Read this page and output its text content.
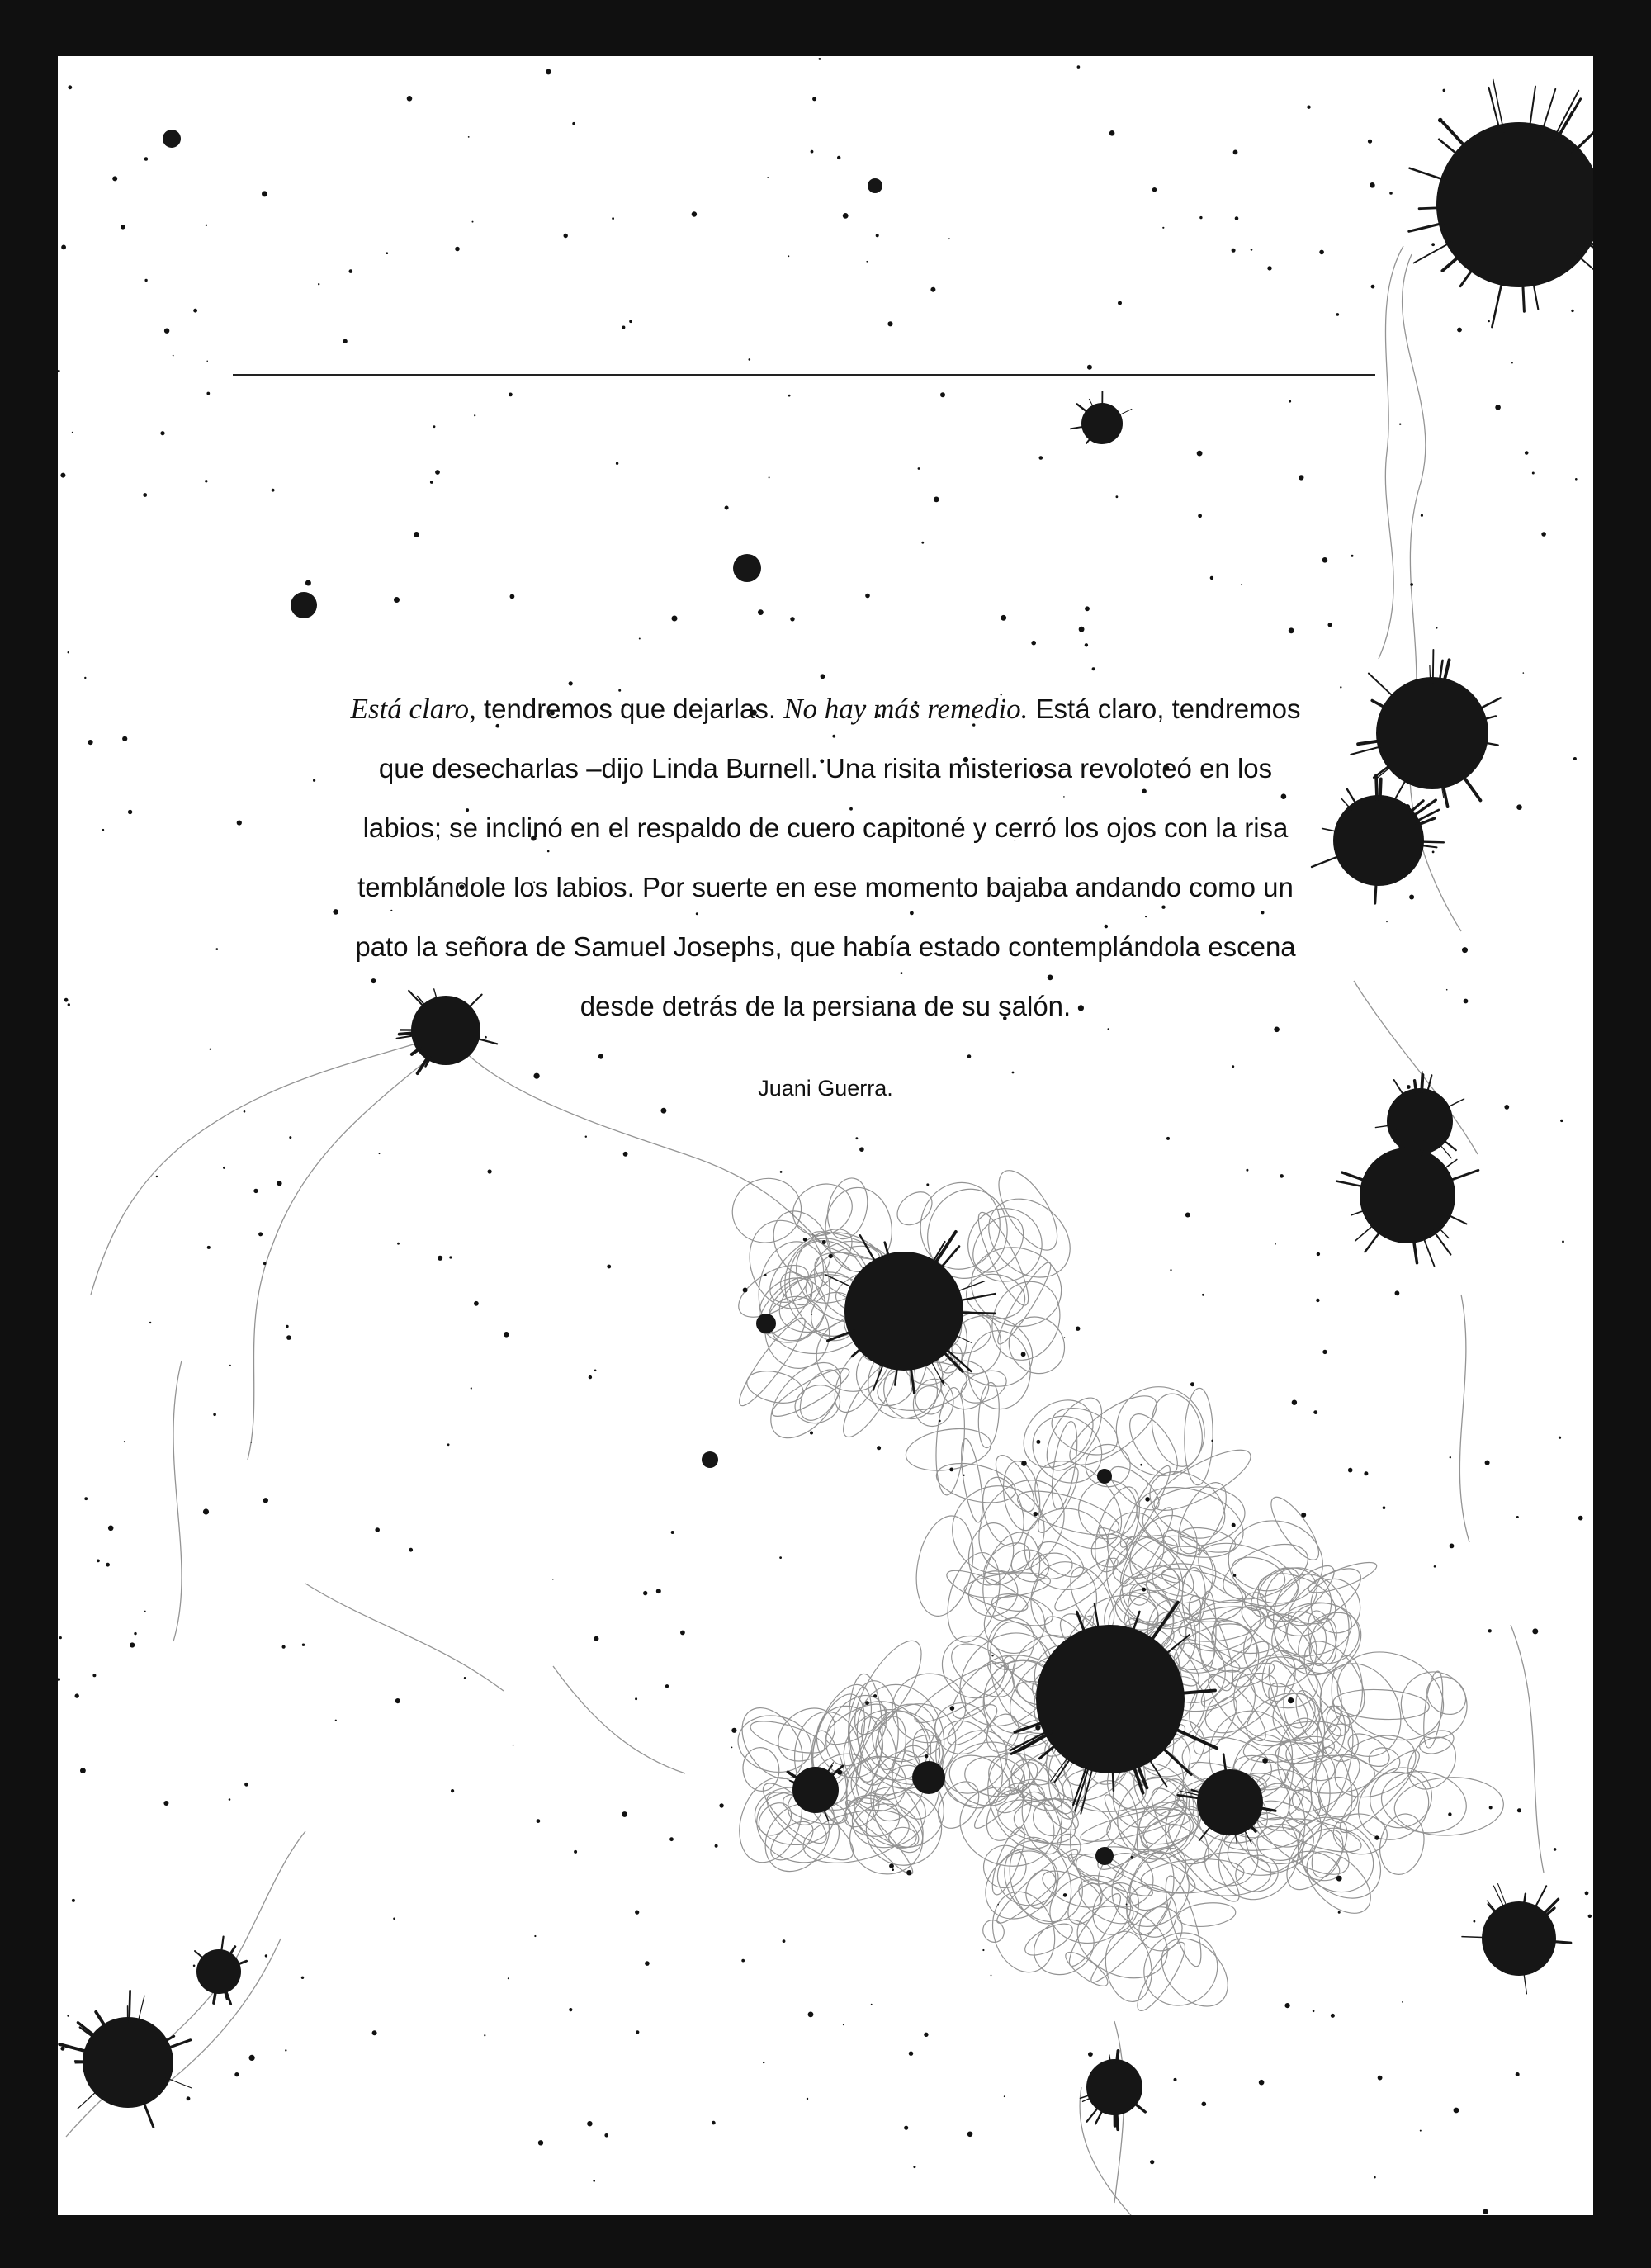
Está claro, tendremos que dejarlas. No hay más remedio. Está claro, tendremos
que desecharlas –dijo Linda Burnell. Una risita misteriosa revoloteó en los
labios; se inclinó en el respaldo de cuero capitoné y cerró los ojos con la risa
temblándole los labios. Por suerte en ese momento bajaba andando como un
pato la señora de Samuel Josephs, que había estado contemplándola escena
desde detrás de la persiana de su salón.
Juani Guerra.
